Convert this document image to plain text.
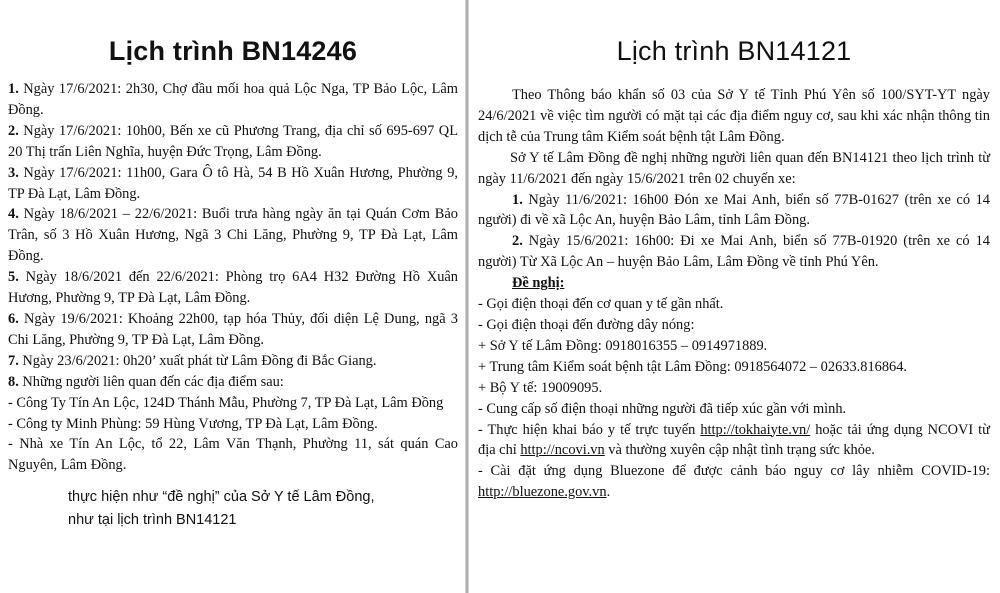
Lịch trình BN14246

1. Ngày 17/6/2021: 2h30, Chợ đầu mối hoa quả Lộc Nga, TP Bảo Lộc, Lâm Đồng.

2. Ngày 17/6/2021: 10h00, Bến xe cũ Phương Trang, địa chỉ số 695-697 QL 20 Thị trấn Liên Nghĩa, huyện Đức Trọng, Lâm Đồng.

3. Ngày 17/6/2021: 11h00, Gara Ô tô Hà, 54 B Hồ Xuân Hương, Phường 9, TP Đà Lạt, Lâm Đồng.

4. Ngày 18/6/2021 – 22/6/2021: Buổi trưa hàng ngày ăn tại Quán Cơm Bảo Trân, số 3 Hồ Xuân Hương, Ngã 3 Chi Lăng, Phường 9, TP Đà Lạt, Lâm Đồng.

5. Ngày 18/6/2021 đến 22/6/2021: Phòng trọ 6A4 H32 Đường Hồ Xuân Hương, Phường 9, TP Đà Lạt, Lâm Đồng.

6. Ngày 19/6/2021: Khoảng 22h00, tạp hóa Thủy, đối diện Lệ Dung, ngã 3 Chi Lăng, Phường 9, TP Đà Lạt, Lâm Đồng.

7. Ngày 23/6/2021: 0h20’ xuất phát từ Lâm Đồng đi Bắc Giang.

8. Những người liên quan đến các địa điểm sau:

- Công Ty Tín An Lộc, 124D Thánh Mẫu, Phường 7, TP Đà Lạt, Lâm Đồng

- Công ty Minh Phùng: 59 Hùng Vương, TP Đà Lạt, Lâm Đồng.

- Nhà xe Tín An Lộc, tổ 22, Lâm Văn Thạnh, Phường 11, sát quán Cao Nguyên, Lâm Đồng.

thực hiện như “đề nghị” của Sở Y tế Lâm Đồng,
như tại lịch trình BN14121
Lịch trình BN14121

Theo Thông báo khẩn số 03 của Sở Y tế Tỉnh Phú Yên số 100/SYT-YT ngày 24/6/2021 về việc tìm người có mặt tại các địa điểm nguy cơ, sau khi xác nhận thông tin dịch tễ của Trung tâm Kiểm soát bệnh tật Lâm Đồng.

Sở Y tế Lâm Đồng đề nghị những người liên quan đến BN14121 theo lịch trình từ ngày 11/6/2021 đến ngày 15/6/2021 trên 02 chuyến xe:

1. Ngày 11/6/2021: 16h00 Đón xe Mai Anh, biển số 77B-01627 (trên xe có 14 người) đi về xã Lộc An, huyện Bảo Lâm, tỉnh Lâm Đồng.

2. Ngày 15/6/2021: 16h00: Đi xe Mai Anh, biển số 77B-01920 (trên xe có 14 người) Từ Xã Lộc An – huyện Bảo Lâm, Lâm Đồng về tỉnh Phú Yên.

Đề nghị:

- Gọi điện thoại đến cơ quan y tế gần nhất.

- Gọi điện thoại đến đường dây nóng:

+ Sở Y tế Lâm Đồng: 0918016355 – 0914971889.

+ Trung tâm Kiểm soát bệnh tật Lâm Đồng: 0918564072 – 02633.816864.

+ Bộ Y tế: 19009095.

- Cung cấp số điện thoại những người đã tiếp xúc gần với mình.

- Thực hiện khai báo y tế trực tuyến http://tokhaiyte.vn/ hoặc tải ứng dụng NCOVI từ địa chỉ http://ncovi.vn và thường xuyên cập nhật tình trạng sức khỏe.

- Cài đặt ứng dụng Bluezone để được cảnh báo nguy cơ lây nhiễm COVID-19: http://bluezone.gov.vn.
